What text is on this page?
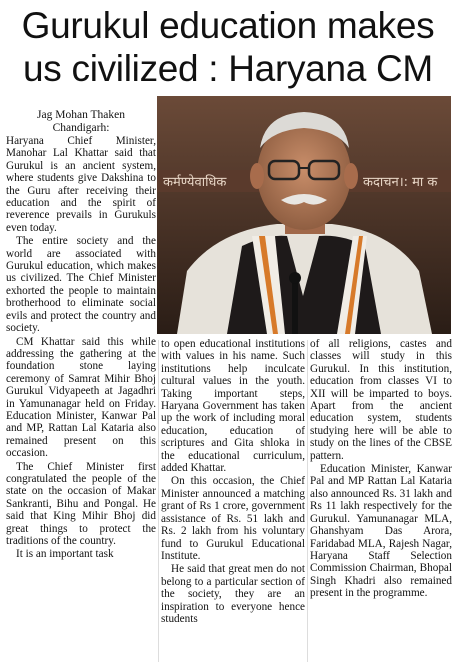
Gurukul education makes us civilized : Haryana CM
Jag Mohan Thaken
Chandigarh:
कर्मण्येवाधिक	कदाचन।: मा क

Haryana Chief Minister, Manohar Lal Khattar said that Gurukul is an ancient system, where students give Dakshina to the Guru after receiving their education and the spirit of reverence prevails in Gurukuls even today.

The entire society and the world are associated with Gurukul education, which makes us civilized. The Chief Minister exhorted the people to maintain brotherhood to eliminate social evils and protect the country and society.

CM Khattar said this while addressing the gathering at the foundation stone laying ceremony of Samrat Mihir Bhoj Gurukul Vidyapeeth at Jagadhri in Yamunanagar held on Friday. Education Minister, Kanwar Pal and MP, Rattan Lal Kataria also remained present on this occasion.

The Chief Minister first congratulated the people of the state on the occasion of Makar Sankranti, Bihu and Pongal. He said that King Mihir Bhoj did great things to protect the traditions of the country.

It is an important task

to open educational institutions with values in his name. Such institutions help inculcate cultural values in the youth. Taking important steps, Haryana Government has taken up the work of including moral education, education of scriptures and Gita shloka in the educational curriculum, added Khattar.

On this occasion, the Chief Minister announced a matching grant of Rs 1 crore, government assistance of Rs. 51 lakh and Rs. 2 lakh from his voluntary fund to Gurukul Educational Institute.

He said that great men do not belong to a particular section of the society, they are an inspiration to everyone hence students

of all religions, castes and classes will study in this Gurukul. In this institution, education from classes VI to XII will be imparted to boys. Apart from the ancient education system, students studying here will be able to study on the lines of the CBSE pattern.

Education Minister, Kanwar Pal and MP Rattan Lal Kataria also announced Rs. 31 lakh and Rs 11 lakh respectively for the Gurukul. Yamunanagar MLA, Ghanshyam Das Arora, Faridabad MLA, Rajesh Nagar, Haryana Staff Selection Commission Chairman, Bhopal Singh Khadri also remained present in the programme.
